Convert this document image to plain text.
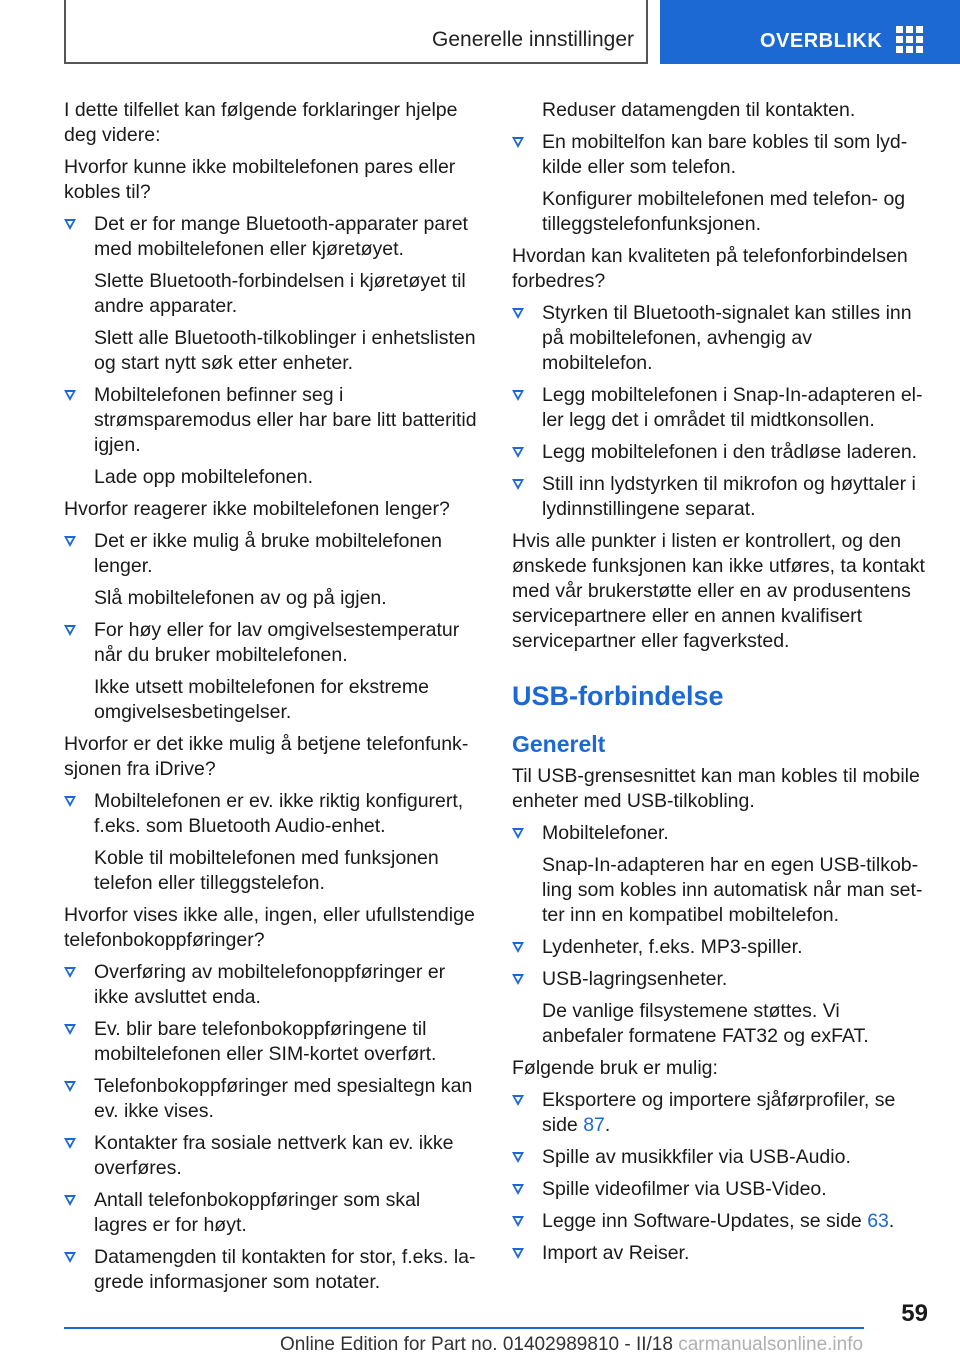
Generelle innstillinger	OVERBLIKK

I dette tilfellet kan følgende forklaringer hjelpe deg videre:

Hvorfor kunne ikke mobiltelefonen pares eller kobles til?

Det er for mange Bluetooth-apparater paret med mobiltelefonen eller kjøretøyet.

Slette Bluetooth-forbindelsen i kjøretøyet til andre apparater.

Slett alle Bluetooth-tilkoblinger i enhetslisten og start nytt søk etter enheter.

Mobiltelefonen befinner seg i strømsparemodus eller har bare litt batteritid igjen.

Lade opp mobiltelefonen.

Hvorfor reagerer ikke mobiltelefonen lenger?

Det er ikke mulig å bruke mobiltelefonen lenger.

Slå mobiltelefonen av og på igjen.

For høy eller for lav omgivelsestemperatur når du bruker mobiltelefonen.

Ikke utsett mobiltelefonen for ekstreme omgivelsesbetingelser.

Hvorfor er det ikke mulig å betjene telefonfunksjonen fra iDrive?

Mobiltelefonen er ev. ikke riktig konfigurert, f.eks. som Bluetooth Audio-enhet.

Koble til mobiltelefonen med funksjonen telefon eller tilleggstelefon.

Hvorfor vises ikke alle, ingen, eller ufullstendige telefonbokoppføringer?

Overføring av mobiltelefonoppføringer er ikke avsluttet enda.
Ev. blir bare telefonbokoppføringene til mobiltelefonen eller SIM-kortet overført.
Telefonbokoppføringer med spesialtegn kan ev. ikke vises.
Kontakter fra sosiale nettverk kan ev. ikke overføres.
Antall telefonbokoppføringer som skal lagres er for høyt.
Datamengden til kontakten for stor, f.eks. lagrede informasjoner som notater.

Reduser datamengden til kontakten.

En mobiltelfon kan bare kobles til som lydkilde eller som telefon.

Konfigurer mobiltelefonen med telefon- og tilleggstelefonfunksjonen.

Hvordan kan kvaliteten på telefonforbindelsen forbedres?

Styrken til Bluetooth-signalet kan stilles inn på mobiltelefonen, avhengig av mobiltelefon.
Legg mobiltelefonen i Snap-In-adapteren eller legg det i området til midtkonsollen.
Legg mobiltelefonen i den trådløse laderen.
Still inn lydstyrken til mikrofon og høyttaler i lydinnstillingene separat.

Hvis alle punkter i listen er kontrollert, og den ønskede funksjonen kan ikke utføres, ta kontakt med vår brukerstøtte eller en av produsentens servicepartnere eller en annen kvalifisert servicepartner eller fagverksted.

USB-forbindelse
Generelt

Til USB-grensesnittet kan man kobles til mobile enheter med USB-tilkobling.

Mobiltelefoner.

Snap-In-adapteren har en egen USB-tilkobling som kobles inn automatisk når man setter inn en kompatibel mobiltelefon.

Lydenheter, f.eks. MP3-spiller.
USB-lagringsenheter.

De vanlige filsystemene støttes. Vi anbefaler formatene FAT32 og exFAT.

Følgende bruk er mulig:

Eksportere og importere sjåførprofiler, se side 87.
Spille av musikkfiler via USB-Audio.
Spille videofilmer via USB-Video.
Legge inn Software-Updates, se side 63.
Import av Reiser.
59
Online Edition for Part no. 01402989810 - II/18 carmanualsonline.info
